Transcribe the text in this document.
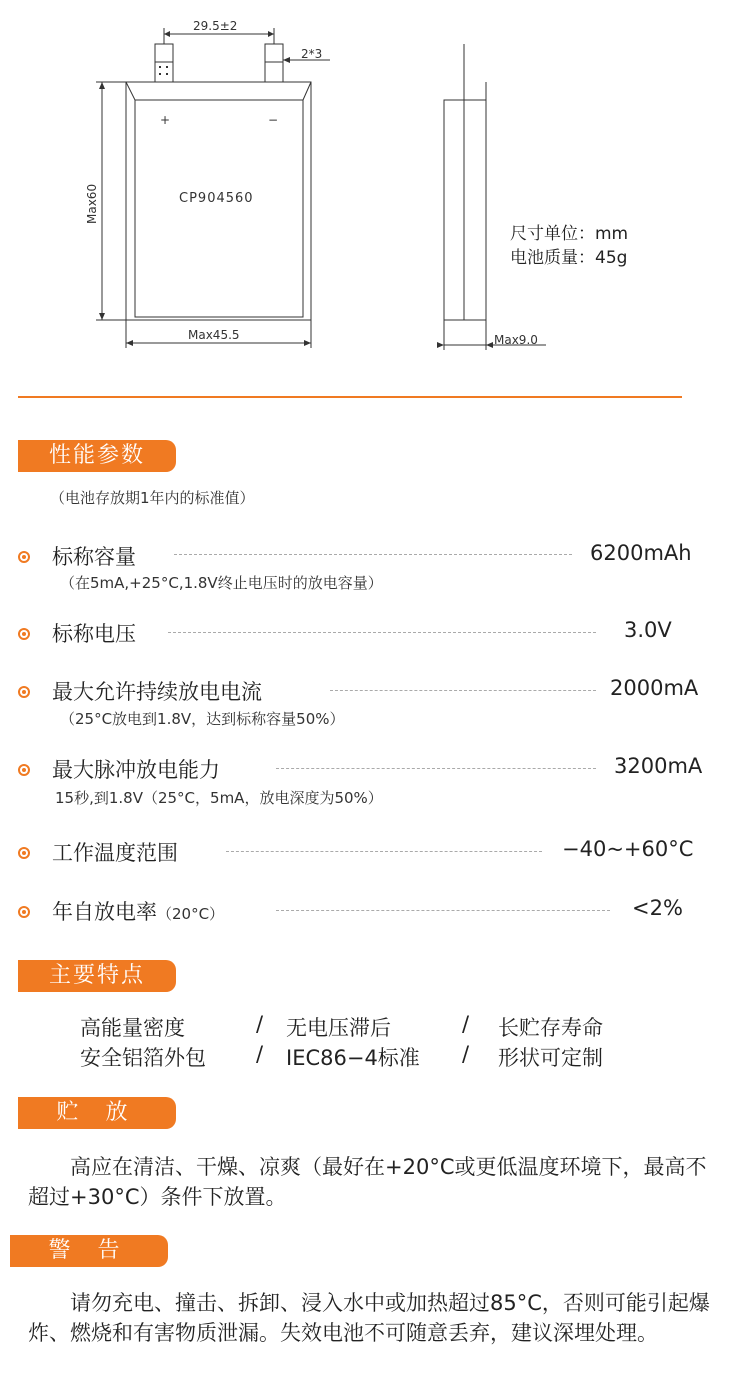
29.5±2
2*3
Max60
Max45.5	Max9.0
+	−
CP904560
尺寸单位：mm
电池质量：45g
性能参数
（电池存放期1年内的标准值）
标称容量	6200mAh
（在5mA,+25°C,1.8V终止电压时的放电容量）
标称电压	3.0V
最大允许持续放电电流	2000mA
（25°C放电到1.8V，达到标称容量50%）
最大脉冲放电能力	3200mA
15秒,到1.8V（25°C，5mA，放电深度为50%）
工作温度范围	−40~+60°C
年自放电率（20°C）	<2%
主要特点
高能量密度	/ 无电压滞后	/ 长贮存寿命
安全铝箔外包 / IEC86−4标准 / 形状可定制
贮 放
　　高应在清洁、干燥、凉爽（最好在+20°C或更低温度环境下，最高不超过+30°C）条件下放置。
警 告
　　请勿充电、撞击、拆卸、浸入水中或加热超过85°C，否则可能引起爆炸、燃烧和有害物质泄漏。失效电池不可随意丢弃，建议深埋处理。
